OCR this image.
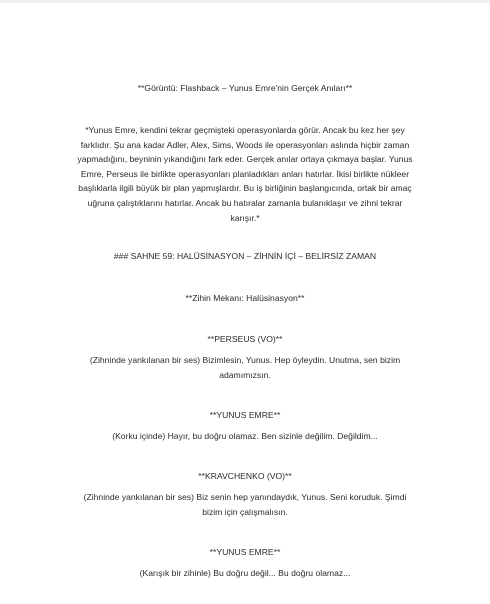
**Görüntü: Flashback – Yunus Emre'nin Gerçek Anıları**

*Yunus Emre, kendini tekrar geçmişteki operasyonlarda görür. Ancak bu kez her şey
farklıdır. Şu ana kadar Adler, Alex, Sims, Woods ile operasyonları aslında hiçbir zaman
yapmadığını, beyninin yıkandığını fark eder. Gerçek anılar ortaya çıkmaya başlar. Yunus
Emre, Perseus ile birlikte operasyonları planladıkları anları hatırlar. İkisi birlikte nükleer
başlıklarla ilgili büyük bir plan yapmışlardır. Bu iş birliğinin başlangıcında, ortak bir amaç
uğruna çalıştıklarını hatırlar. Ancak bu hatıralar zamanla bulanıklaşır ve zihni tekrar
karışır.*

### SAHNE 59: HALÜSİNASYON – ZİHNİN İÇİ – BELİRSİZ ZAMAN

**Zihin Mekanı: Halüsinasyon**

**PERSEUS (VO)**

(Zihninde yankılanan bir ses) Bizimlesin, Yunus. Hep öyleydin. Unutma, sen bizim
adamımızsın.

**YUNUS EMRE**

(Korku içinde) Hayır, bu doğru olamaz. Ben sizinle değilim. Değildim...

**KRAVCHENKO (VO)**

(Zihninde yankılanan bir ses) Biz senin hep yanındaydık, Yunus. Seni koruduk. Şimdi
bizim için çalışmalısın.

**YUNUS EMRE**

(Karışık bir zihinle) Bu doğru değil... Bu doğru olamaz...
